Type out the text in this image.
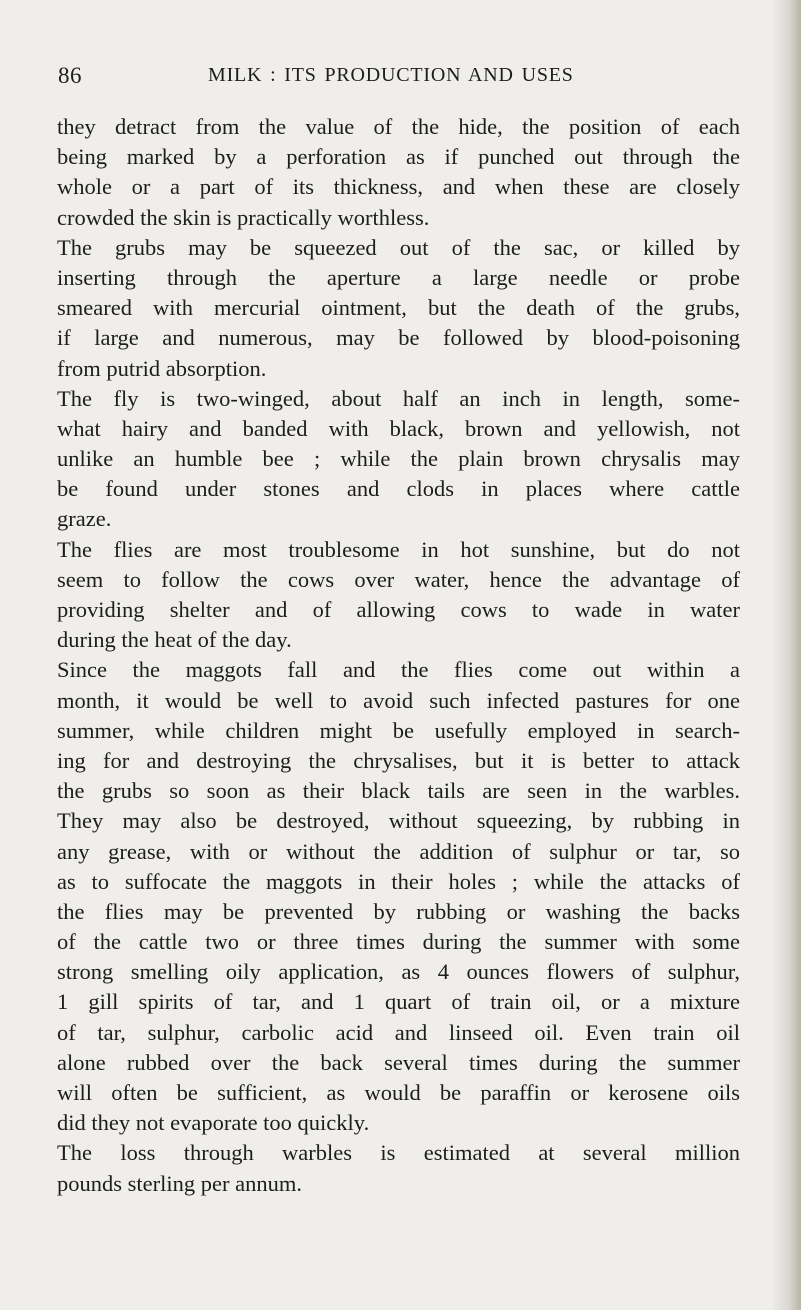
86	MILK : ITS PRODUCTION AND USES
they detract from the value of the hide, the position of each
being marked by a perforation as if punched out through the
whole or a part of its thickness, and when these are closely
crowded the skin is practically worthless.
The grubs may be squeezed out of the sac, or killed by
inserting through the aperture a large needle or probe
smeared with mercurial ointment, but the death of the grubs,
if large and numerous, may be followed by blood-poisoning
from putrid absorption.
The fly is two-winged, about half an inch in length, some-
what hairy and banded with black, brown and yellowish, not
unlike an humble bee ; while the plain brown chrysalis may
be found under stones and clods in places where cattle
graze.
The flies are most troublesome in hot sunshine, but do not
seem to follow the cows over water, hence the advantage of
providing shelter and of allowing cows to wade in water
during the heat of the day.
Since the maggots fall and the flies come out within a
month, it would be well to avoid such infected pastures for one
summer, while children might be usefully employed in search-
ing for and destroying the chrysalises, but it is better to attack
the grubs so soon as their black tails are seen in the warbles.
They may also be destroyed, without squeezing, by rubbing in
any grease, with or without the addition of sulphur or tar, so
as to suffocate the maggots in their holes ; while the attacks of
the flies may be prevented by rubbing or washing the backs
of the cattle two or three times during the summer with some
strong smelling oily application, as 4 ounces flowers of sulphur,
1 gill spirits of tar, and 1 quart of train oil, or a mixture
of tar, sulphur, carbolic acid and linseed oil. Even train oil
alone rubbed over the back several times during the summer
will often be sufficient, as would be paraffin or kerosene oils
did they not evaporate too quickly.
The loss through warbles is estimated at several million
pounds sterling per annum.
